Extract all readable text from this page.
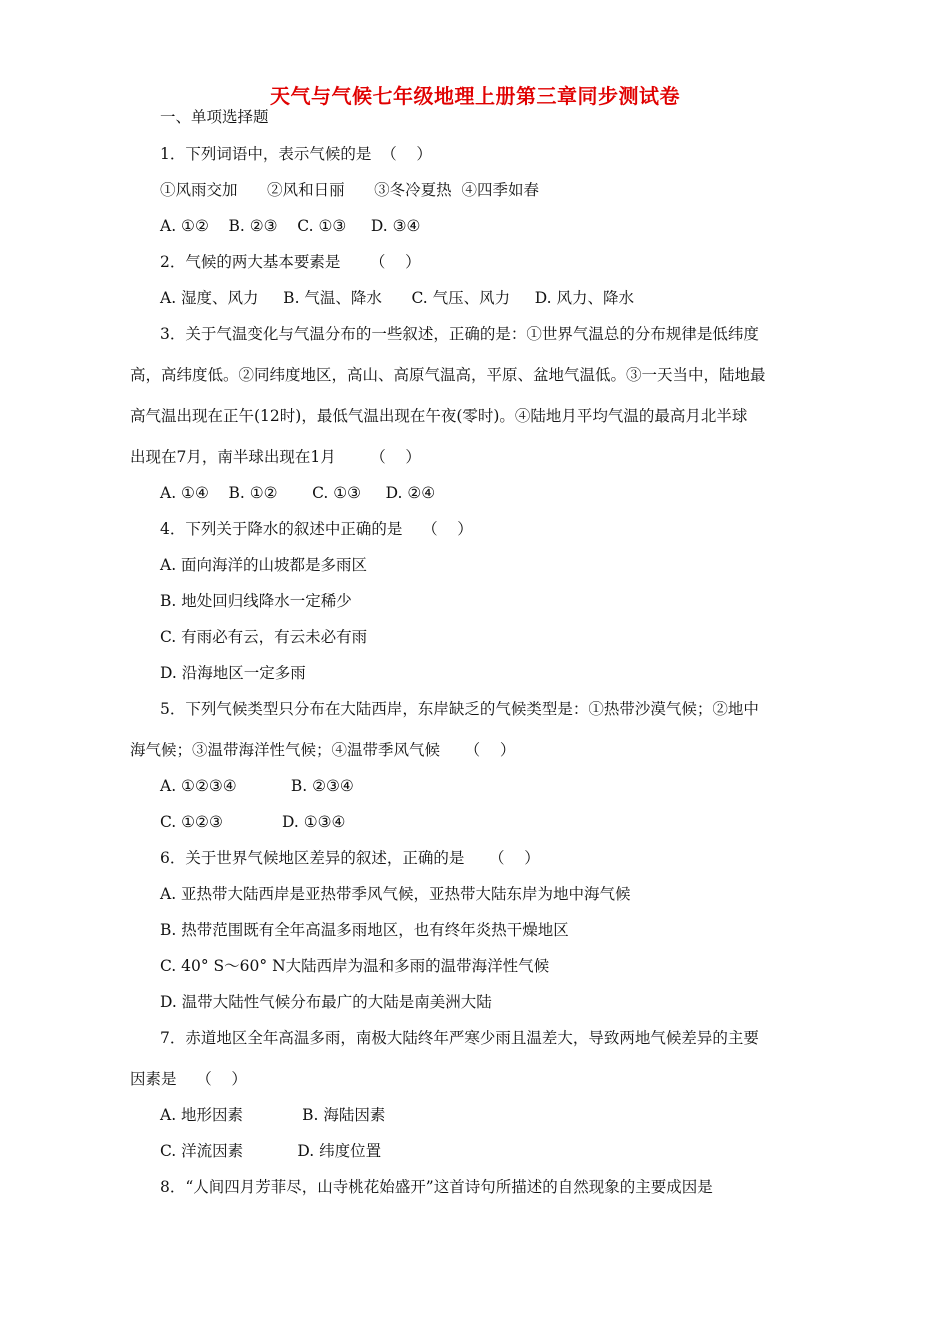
天气与气候七年级地理上册第三章同步测试卷
一、单项选择题
1．下列词语中，表示气候的是  （    ）
①风雨交加      ②风和日丽      ③冬冷夏热  ④四季如春
A. ①②    B. ②③    C. ①③     D. ③④
2．气候的两大基本要素是      （    ）
A. 湿度、风力     B. 气温、降水      C. 气压、风力     D. 风力、降水
3．关于气温变化与气温分布的一些叙述，正确的是：①世界气温总的分布规律是低纬度
高，高纬度低。②同纬度地区，高山、高原气温高，平原、盆地气温低。③一天当中，陆地最
高气温出现在正午(12时)，最低气温出现在午夜(零时)。④陆地月平均气温的最高月北半球
出现在7月，南半球出现在1月       （    ）
A. ①④    B. ①②       C. ①③     D. ②④
4．下列关于降水的叙述中正确的是    （    ）
A. 面向海洋的山坡都是多雨区
B. 地处回归线降水一定稀少
C. 有雨必有云，有云未必有雨
D. 沿海地区一定多雨
5．下列气候类型只分布在大陆西岸，东岸缺乏的气候类型是：①热带沙漠气候；②地中
海气候；③温带海洋性气候；④温带季风气候     （    ）
A. ①②③④           B. ②③④
C. ①②③            D. ①③④
6．关于世界气候地区差异的叙述，正确的是     （    ）
A. 亚热带大陆西岸是亚热带季风气候，亚热带大陆东岸为地中海气候
B. 热带范围既有全年高温多雨地区，也有终年炎热干燥地区
C. 40° S～60° N大陆西岸为温和多雨的温带海洋性气候
D. 温带大陆性气候分布最广的大陆是南美洲大陆
7．赤道地区全年高温多雨，南极大陆终年严寒少雨且温差大，导致两地气候差异的主要
因素是    （    ）
A. 地形因素            B. 海陆因素
C. 洋流因素           D. 纬度位置
8．“人间四月芳菲尽，山寺桃花始盛开”这首诗句所描述的自然现象的主要成因是
